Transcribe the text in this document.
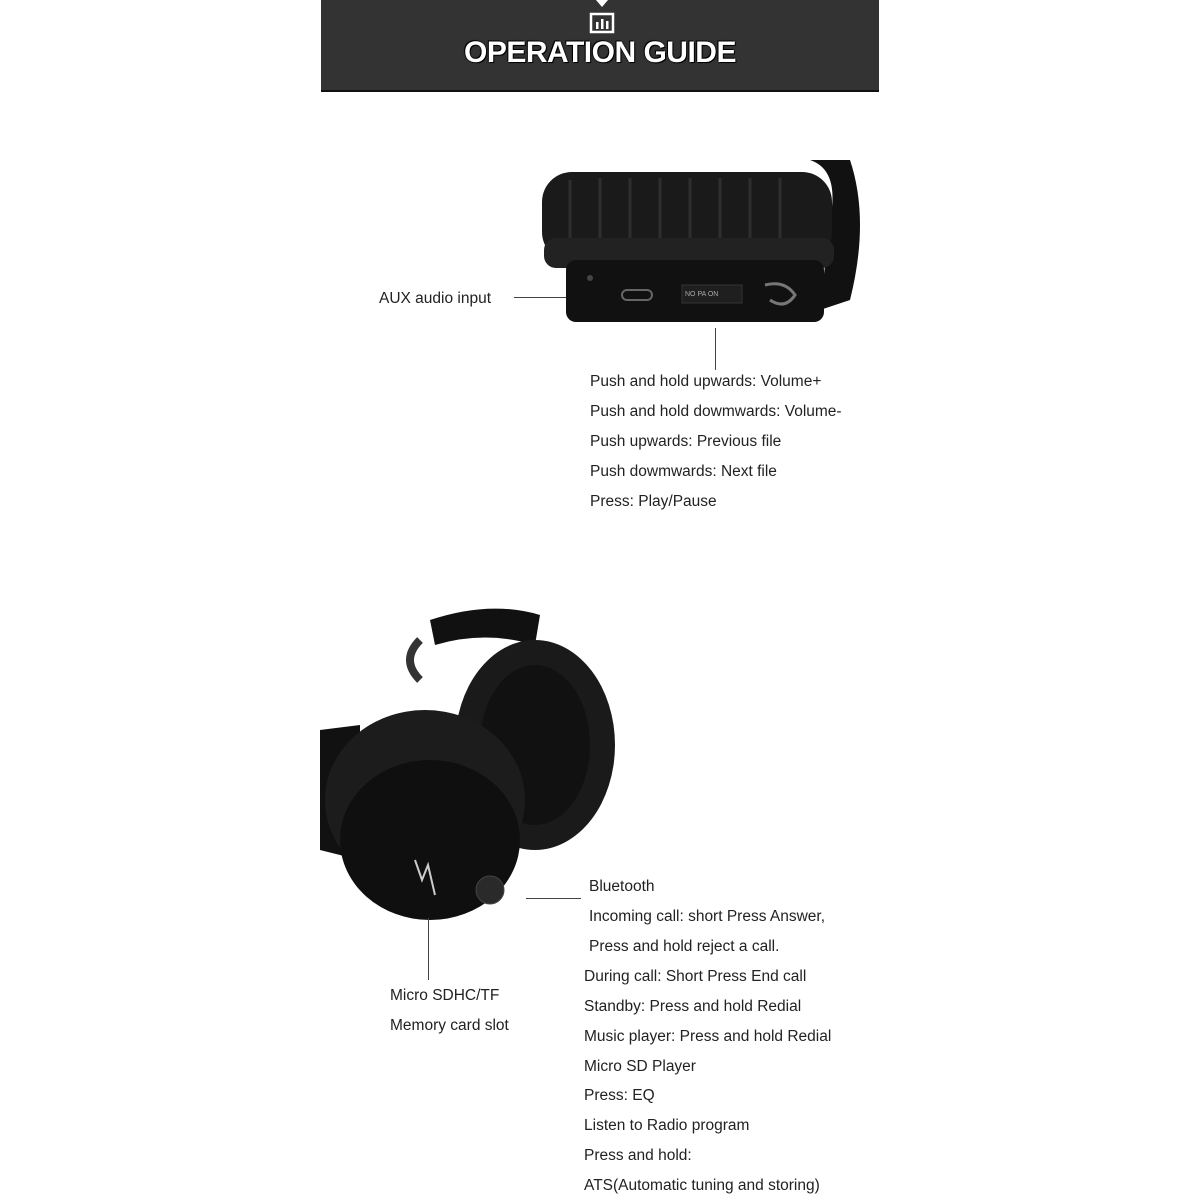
OPERATION GUIDE
NO PA ON
AUX audio input
Push and hold upwards: Volume+
Push and hold dowmwards: Volume-
Push upwards: Previous file
Push dowmwards: Next file
Press: Play/Pause
Micro SDHC/TF
Memory card slot
Bluetooth
Incoming call: short Press Answer,
Press and hold reject a call.
During call: Short Press End call
Standby: Press and hold Redial
Music player: Press and hold Redial
Micro SD Player
Press: EQ
Listen to Radio program
Press and hold:
ATS(Automatic tuning and storing)
